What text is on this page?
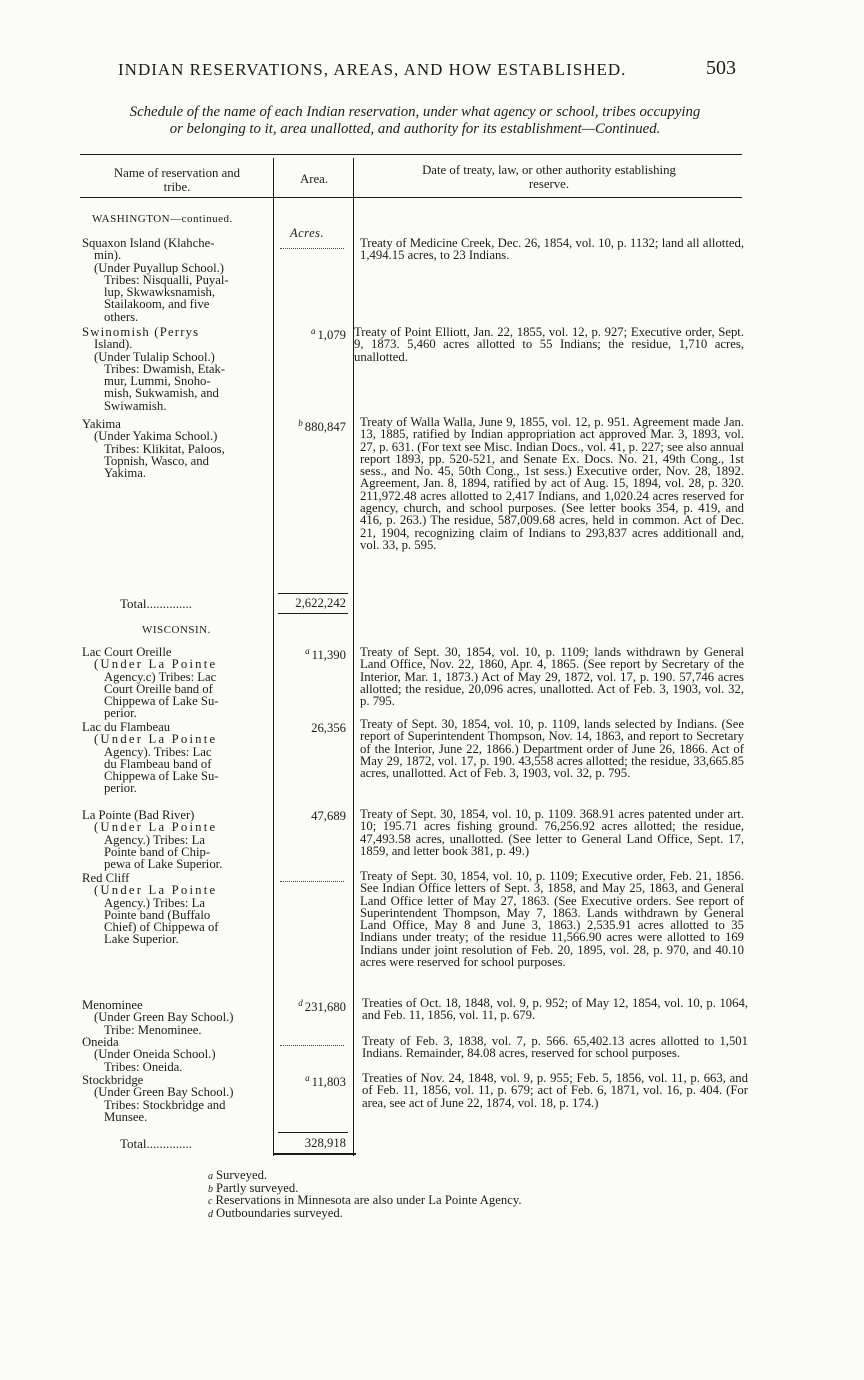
INDIAN RESERVATIONS, AREAS, AND HOW ESTABLISHED.	503
Schedule of the name of each Indian reservation, under what agency or school, tribes occupying
or belonging to it, area unallotted, and authority for its establishment—Continued.
Name of reservation and
tribe.
Area.
Date of treaty, law, or other authority establishing
reserve.
WASHINGTON—continued.
Acres.
Squaxon Island (Klahche-
min).
(Under Puyallup School.)
Tribes: Nisqualli, Puyal-
lup, Skwawksnamish,
Stailakoom, and five
others.
Treaty of Medicine Creek, Dec. 26, 1854, vol. 10, p. 1132; land all allotted, 1,494.15 acres, to 23 Indians.
Swinomish (Perrys
Island).
(Under Tulalip School.)
Tribes: Dwamish, Etak-
mur, Lummi, Snoho-
mish, Sukwamish, and
Swiwamish.
$^a$ 1,079 Treaty of Point Elliott, Jan. 22, 1855, vol. 12, p. 927; Executive order, Sept. 9, 1873. 5,460 acres allotted to 55 Indians; the residue, 1,710 acres, unallotted.
Yakima
(Under Yakima School.)
Tribes: Klikitat, Paloos,
Topnish, Wasco, and
Yakima.
$^b$ 880,847 Treaty of Walla Walla, June 9, 1855, vol. 12, p. 951. Agreement made Jan. 13, 1885, ratified by Indian appropriation act approved Mar. 3, 1893, vol. 27, p. 631. (For text see Misc. Indian Docs., vol. 41, p. 227; see also annual report 1893, pp. 520-521, and Senate Ex. Docs. No. 21, 49th Cong., 1st sess., and No. 45, 50th Cong., 1st sess.) Executive order, Nov. 28, 1892. Agreement, Jan. 8, 1894, ratified by act of Aug. 15, 1894, vol. 28, p. 320. 211,972.48 acres allotted to 2,417 Indians, and 1,020.24 acres reserved for agency, church, and school purposes. (See letter books 354, p. 419, and 416, p. 263.) The residue, 587,009.68 acres, held in common. Act of Dec. 21, 1904, recognizing claim of Indians to 293,837 acres additionall and, vol. 33, p. 595.
Total..............	2,622,242
WISCONSIN.
Lac Court Oreille
(Under La Pointe
Agency.c) Tribes: Lac
Court Oreille band of
Chippewa of Lake Su-
perior.
$^a$ 11,390 Treaty of Sept. 30, 1854, vol. 10, p. 1109; lands withdrawn by General Land Office, Nov. 22, 1860, Apr. 4, 1865. (See report by Secretary of the Interior, Mar. 1, 1873.) Act of May 29, 1872, vol. 17, p. 190. 57,746 acres allotted; the residue, 20,096 acres, unallotted. Act of Feb. 3, 1903, vol. 32, p. 795.
Lac du Flambeau
(Under La Pointe
Agency). Tribes: Lac
du Flambeau band of
Chippewa of Lake Su-
perior.
26,356 Treaty of Sept. 30, 1854, vol. 10, p. 1109, lands selected by Indians. (See report of Superintendent Thompson, Nov. 14, 1863, and report to Secretary of the Interior, June 22, 1866.) Department order of June 26, 1866. Act of May 29, 1872, vol. 17, p. 190. 43,558 acres allotted; the residue, 33,665.85 acres, unallotted. Act of Feb. 3, 1903, vol. 32, p. 795.
La Pointe (Bad River)
(Under La Pointe
Agency.) Tribes: La
Pointe band of Chip-
pewa of Lake Superior.
47,689 Treaty of Sept. 30, 1854, vol. 10, p. 1109. 368.91 acres patented under art. 10; 195.71 acres fishing ground. 76,256.92 acres allotted; the residue, 47,493.58 acres, unallotted. (See letter to General Land Office, Sept. 17, 1859, and letter book 381, p. 49.)
Red Cliff
(Under La Pointe
Agency.) Tribes: La
Pointe band (Buffalo
Chief) of Chippewa of
Lake Superior.
Treaty of Sept. 30, 1854, vol. 10, p. 1109; Executive order, Feb. 21, 1856. See Indian Office letters of Sept. 3, 1858, and May 25, 1863, and General Land Office letter of May 27, 1863. (See Executive orders. See report of Superintendent Thompson, May 7, 1863. Lands withdrawn by General Land Office, May 8 and June 3, 1863.) 2,535.91 acres allotted to 35 Indians under treaty; of the residue 11,566.90 acres were allotted to 169 Indians under joint resolution of Feb. 20, 1895, vol. 28, p. 970, and 40.10 acres were reserved for school purposes.
Menominee
(Under Green Bay School.)
Tribe: Menominee.
$^d$ 231,680 Treaties of Oct. 18, 1848, vol. 9, p. 952; of May 12, 1854, vol. 10, p. 1064, and Feb. 11, 1856, vol. 11, p. 679.
Oneida
(Under Oneida School.)
Tribes: Oneida.
Treaty of Feb. 3, 1838, vol. 7, p. 566. 65,402.13 acres allotted to 1,501 Indians. Remainder, 84.08 acres, reserved for school purposes.
Stockbridge
(Under Green Bay School.)
Tribes: Stockbridge and
Munsee.
$^a$ 11,803 Treaties of Nov. 24, 1848, vol. 9, p. 955; Feb. 5, 1856, vol. 11, p. 663, and of Feb. 11, 1856, vol. 11, p. 679; act of Feb. 6, 1871, vol. 16, p. 404. (For area, see act of June 22, 1874, vol. 18, p. 174.)
Total..............	328,918
a Surveyed.
b Partly surveyed.
c Reservations in Minnesota are also under La Pointe Agency.
d Outboundaries surveyed.
